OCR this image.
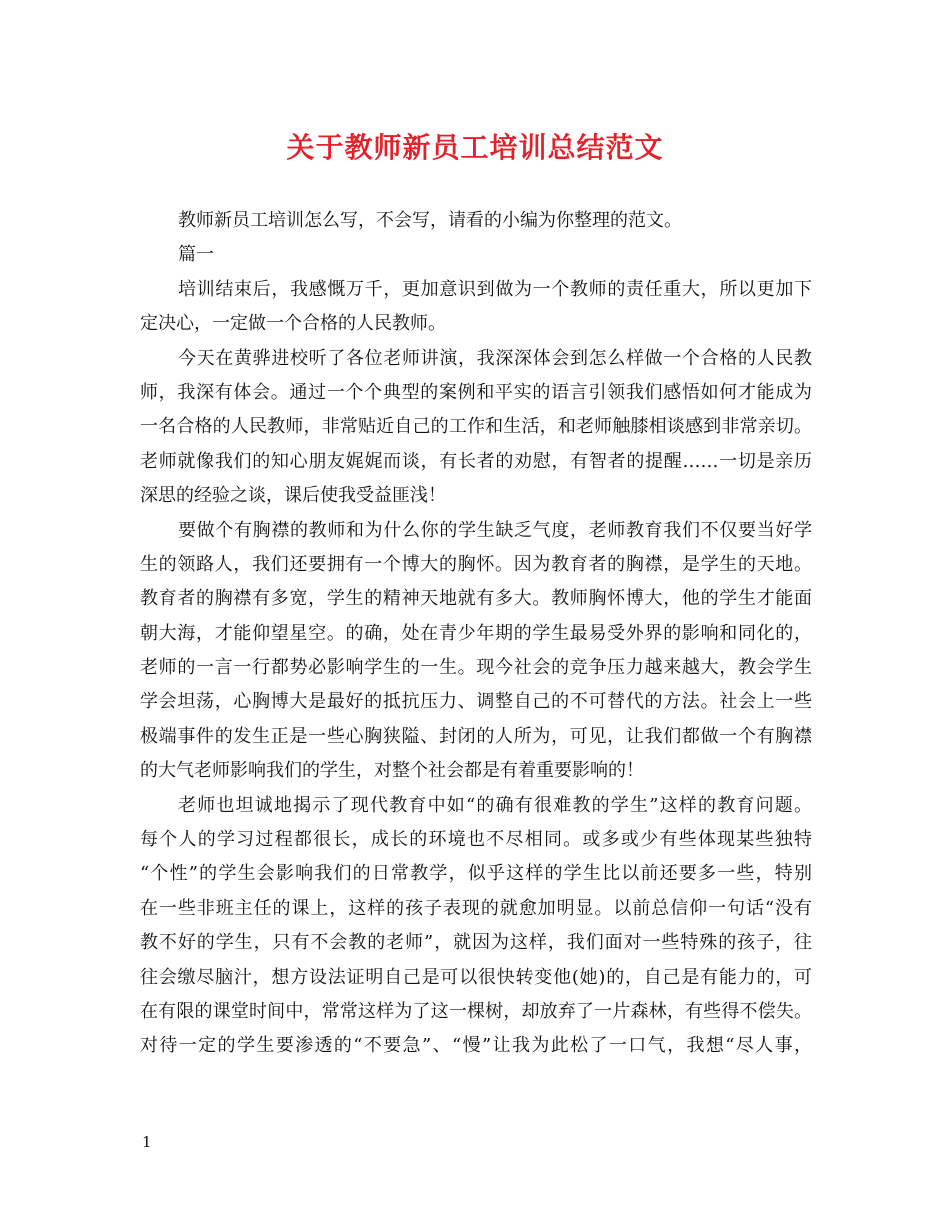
关于教师新员工培训总结范文
教师新员工培训怎么写，不会写，请看的小编为你整理的范文。
篇一
培训结束后，我感慨万千，更加意识到做为一个教师的责任重大，所以更加下
定决心，一定做一个合格的人民教师。
今天在黄骅进校听了各位老师讲演，我深深体会到怎么样做一个合格的人民教
师，我深有体会。通过一个个典型的案例和平实的语言引领我们感悟如何才能成为
一名合格的人民教师，非常贴近自己的工作和生活，和老师触膝相谈感到非常亲切。
老师就像我们的知心朋友娓娓而谈，有长者的劝慰，有智者的提醒……一切是亲历
深思的经验之谈，课后使我受益匪浅！
要做个有胸襟的教师和为什么你的学生缺乏气度，老师教育我们不仅要当好学
生的领路人，我们还要拥有一个博大的胸怀。因为教育者的胸襟，是学生的天地。
教育者的胸襟有多宽，学生的精神天地就有多大。教师胸怀博大，他的学生才能面
朝大海，才能仰望星空。的确，处在青少年期的学生最易受外界的影响和同化的，
老师的一言一行都势必影响学生的一生。现今社会的竞争压力越来越大，教会学生
学会坦荡，心胸博大是最好的抵抗压力、调整自己的不可替代的方法。社会上一些
极端事件的发生正是一些心胸狭隘、封闭的人所为，可见，让我们都做一个有胸襟
的大气老师影响我们的学生，对整个社会都是有着重要影响的！
老师也坦诚地揭示了现代教育中如“的确有很难教的学生”这样的教育问题。
每个人的学习过程都很长，成长的环境也不尽相同。或多或少有些体现某些独特
“个性”的学生会影响我们的日常教学，似乎这样的学生比以前还要多一些，特别
在一些非班主任的课上，这样的孩子表现的就愈加明显。以前总信仰一句话“没有
教不好的学生，只有不会教的老师”，就因为这样，我们面对一些特殊的孩子，往
往会缴尽脑汁，想方设法证明自己是可以很快转变他(她)的，自己是有能力的，可
在有限的课堂时间中，常常这样为了这一棵树，却放弃了一片森林，有些得不偿失。
对待一定的学生要渗透的“不要急”、“慢”让我为此松了一口气，我想“尽人事，
1
